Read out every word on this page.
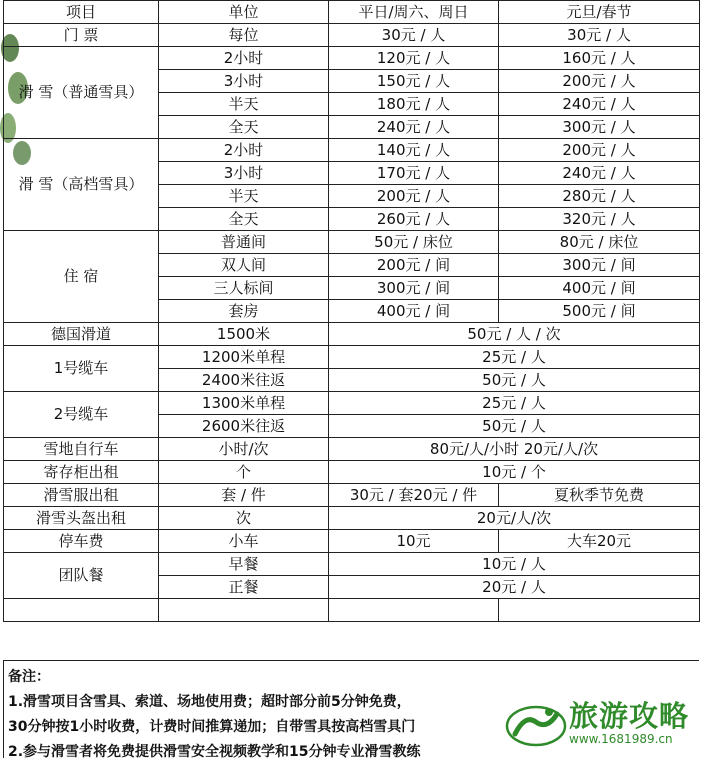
项目	单位	平日/周六、周日	元旦/春节
门 票	每位	30元 / 人	30元 / 人
滑 雪（普通雪具）	2小时	120元 / 人	160元 / 人
	3小时	150元 / 人	200元 / 人
	半天	180元 / 人	240元 / 人
	全天	240元 / 人	300元 / 人
滑 雪（高档雪具）	2小时	140元 / 人	200元 / 人
	3小时	170元 / 人	240元 / 人
	半天	200元 / 人	280元 / 人
	全天	260元 / 人	320元 / 人
住 宿	普通间	50元 / 床位	80元 / 床位
	双人间	200元 / 间	300元 / 间
	三人标间	300元 / 间	400元 / 间
	套房	400元 / 间	500元 / 间
德国滑道	1500米	50元 / 人 / 次	
1号缆车	1200米单程	25元 / 人	
	2400米往返	50元 / 人	
2号缆车	1300米单程	25元 / 人	
	2600米往返	50元 / 人	
雪地自行车	小时/次	80元/人/小时 20元/人/次	
寄存柜出租	个	10元 / 个	
滑雪服出租	套 / 件	30元 / 套20元 / 件	夏秋季节免费
滑雪头盔出租	次	20元/人/次	
停车费	小车	10元	大车20元
团队餐	早餐	10元 / 人	
	正餐	20元 / 人	

备注：
1.滑雪项目含雪具、索道、场地使用费；超时部分前5分钟免费，
30分钟按1小时收费，计费时间推算递加；自带雪具按高档雪具门
2.参与滑雪者将免费提供滑雪安全视频教学和15分钟专业滑雪教练
旅游攻略
www.1681989.cn
